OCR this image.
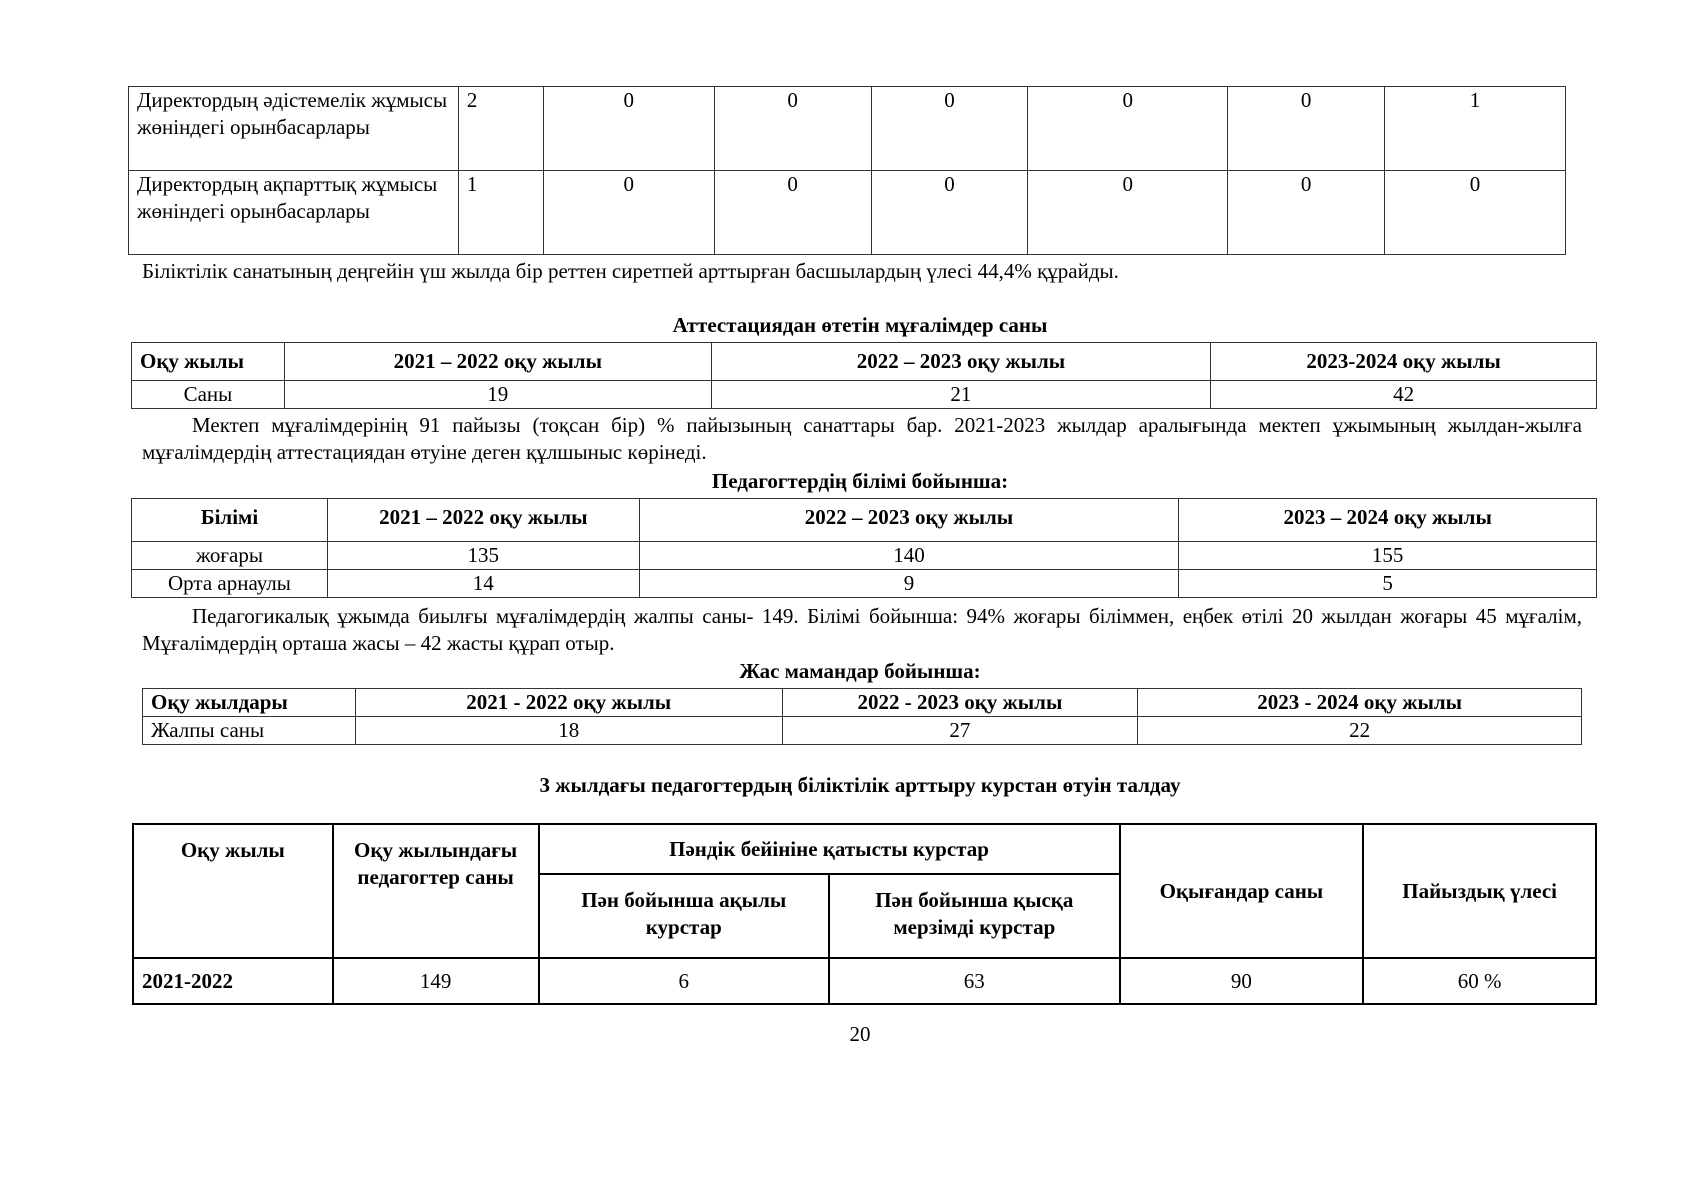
Директордың әдістемелік жұмысы жөніндегі орынбасарлары	2	0	0	0	0	0	1
Директордың ақпарттық жұмысы жөніндегі орынбасарлары	1	0	0	0	0	0	0

Біліктілік санатының деңгейін үш жылда бір реттен сиретпей арттырған басшылардың үлесі 44,4% құрайды.

Аттестациядан өтетін мұғалімдер саны
Оқу жылы	2021 – 2022 оқу жылы	2022 – 2023 оқу жылы	2023-2024 оқу жылы
Саны	19	21	42

Мектеп мұғалімдерінің 91 пайызы (тоқсан бір) % пайызының санаттары бар. 2021-2023 жылдар аралығында мектеп ұжымының жылдан-жылға мұғалімдердің аттестациядан өтуіне деген құлшыныс көрінеді.

Педагогтердің білімі бойынша:
Білімі	2021 – 2022 оқу жылы	2022 – 2023 оқу жылы	2023 – 2024 оқу жылы
жоғары	135	140	155
Орта арнаулы	14	9	5

Педагогикалық ұжымда биылғы мұғалімдердің жалпы саны- 149. Білімі бойынша: 94% жоғары біліммен, еңбек өтілі 20 жылдан жоғары 45 мұғалім, Мұғалімдердің орташа жасы – 42 жасты құрап отыр.

Жас мамандар бойынша:
Оқу жылдары	2021 - 2022 оқу жылы	2022 - 2023 оқу жылы	2023 - 2024 оқу жылы
Жалпы саны	18	27	22
3 жылдағы педагогтердың біліктілік арттыру курстан өтуін талдау
Оқу жылы	Оқу жылындағы педагогтер саны	Пәндік бейініне қатысты курстар		Оқығандар саны	Пайыздық үлесі
		Пән бойынша ақылы курстар	Пән бойынша қысқа мерзімді курстар		
2021-2022	149	6	63	90	60 %
20
